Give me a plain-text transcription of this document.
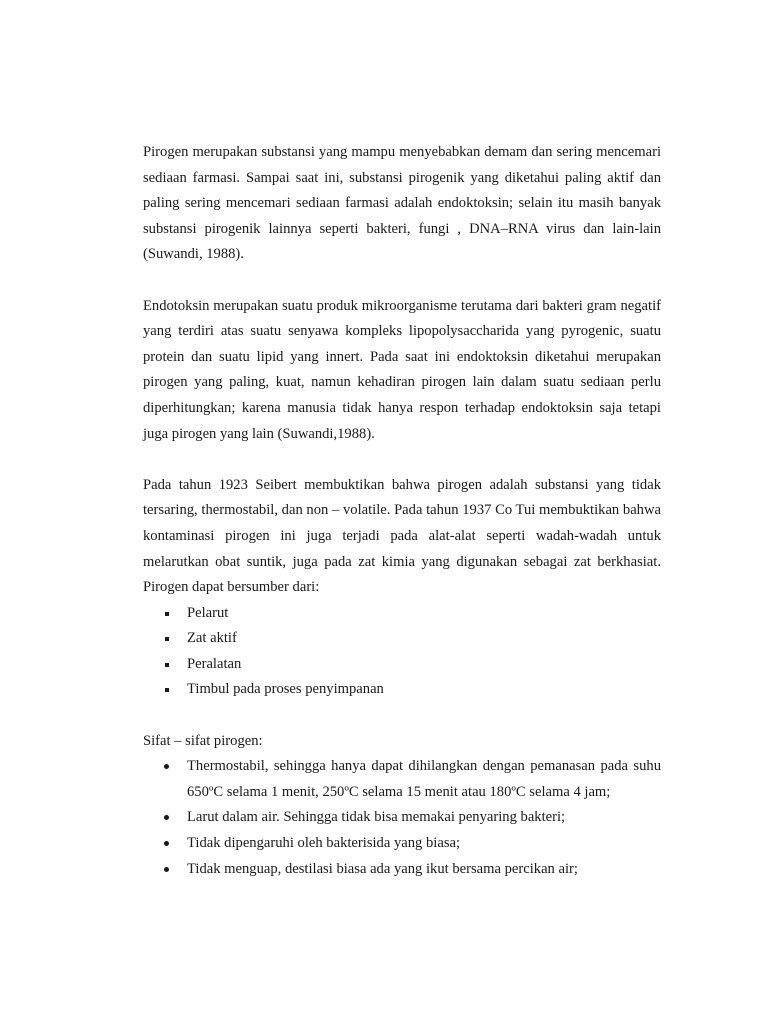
Pirogen merupakan substansi yang mampu menyebabkan demam dan sering mencemari sediaan farmasi. Sampai saat ini, substansi pirogenik yang diketahui paling aktif dan paling sering mencemari sediaan farmasi adalah endoktoksin; selain itu masih banyak substansi pirogenik lainnya seperti bakteri, fungi , DNA–RNA virus dan lain-lain (Suwandi, 1988).

Endotoksin merupakan suatu produk mikroorganisme terutama dari bakteri gram negatif yang terdiri atas suatu senyawa kompleks lipopolysaccharida yang pyrogenic, suatu protein dan suatu lipid yang innert. Pada saat ini endoktoksin diketahui merupakan pirogen yang paling, kuat, namun kehadiran pirogen lain dalam suatu sediaan perlu diperhitungkan; karena manusia tidak hanya respon terhadap endoktoksin saja tetapi juga pirogen yang lain (Suwandi,1988).

Pada tahun 1923 Seibert membuktikan bahwa pirogen adalah substansi yang tidak tersaring, thermostabil, dan non – volatile. Pada tahun 1937 Co Tui membuktikan bahwa kontaminasi pirogen ini juga terjadi pada alat-alat seperti wadah-wadah untuk melarutkan obat suntik, juga pada zat kimia yang digunakan sebagai zat berkhasiat. Pirogen dapat bersumber dari:

Pelarut
Zat aktif
Peralatan
Timbul pada proses penyimpanan

Sifat – sifat pirogen:

Thermostabil, sehingga hanya dapat dihilangkan dengan pemanasan pada suhu 650ºC selama 1 menit, 250ºC selama 15 menit atau 180ºC selama 4 jam;
Larut dalam air. Sehingga tidak bisa memakai penyaring bakteri;
Tidak dipengaruhi oleh bakterisida yang biasa;
Tidak menguap, destilasi biasa ada yang ikut bersama percikan air;
